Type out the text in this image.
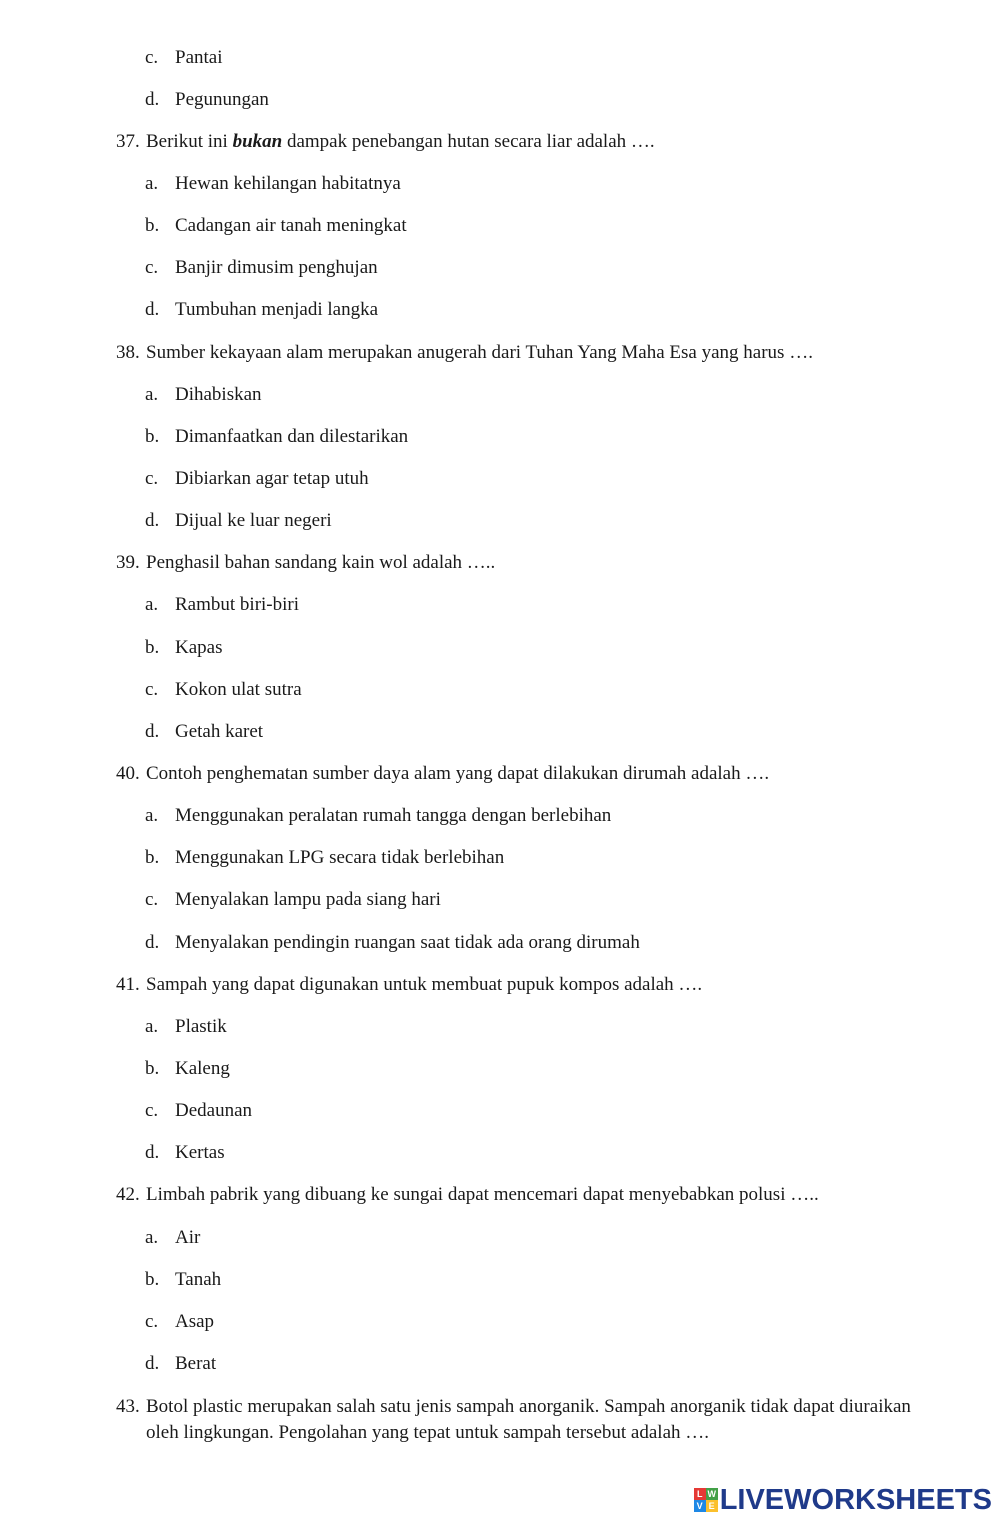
c. Pantai
d. Pegunungan
37. Berikut ini bukan dampak penebangan hutan secara liar adalah ….
a. Hewan kehilangan habitatnya
b. Cadangan air tanah meningkat
c. Banjir dimusim penghujan
d. Tumbuhan menjadi langka
38. Sumber kekayaan alam merupakan anugerah dari Tuhan Yang Maha Esa yang harus ….
a. Dihabiskan
b. Dimanfaatkan dan dilestarikan
c. Dibiarkan agar tetap utuh
d. Dijual ke luar negeri
39. Penghasil bahan sandang kain wol adalah …..
a. Rambut biri-biri
b. Kapas
c. Kokon ulat sutra
d. Getah karet
40. Contoh penghematan sumber daya alam yang dapat dilakukan dirumah adalah ….
a. Menggunakan peralatan rumah tangga dengan berlebihan
b. Menggunakan LPG secara tidak berlebihan
c. Menyalakan lampu pada siang hari
d. Menyalakan pendingin ruangan saat tidak ada orang dirumah
41. Sampah yang dapat digunakan untuk membuat pupuk kompos adalah ….
a. Plastik
b. Kaleng
c. Dedaunan
d. Kertas
42. Limbah pabrik yang dibuang ke sungai dapat mencemari dapat menyebabkan polusi …..
a. Air
b. Tanah
c. Asap
d. Berat
43. Botol plastic merupakan salah satu jenis sampah anorganik. Sampah anorganik tidak dapat diuraikan oleh lingkungan. Pengolahan yang tepat untuk sampah tersebut adalah ….
L W
V E LIVEWORKSHEETS
